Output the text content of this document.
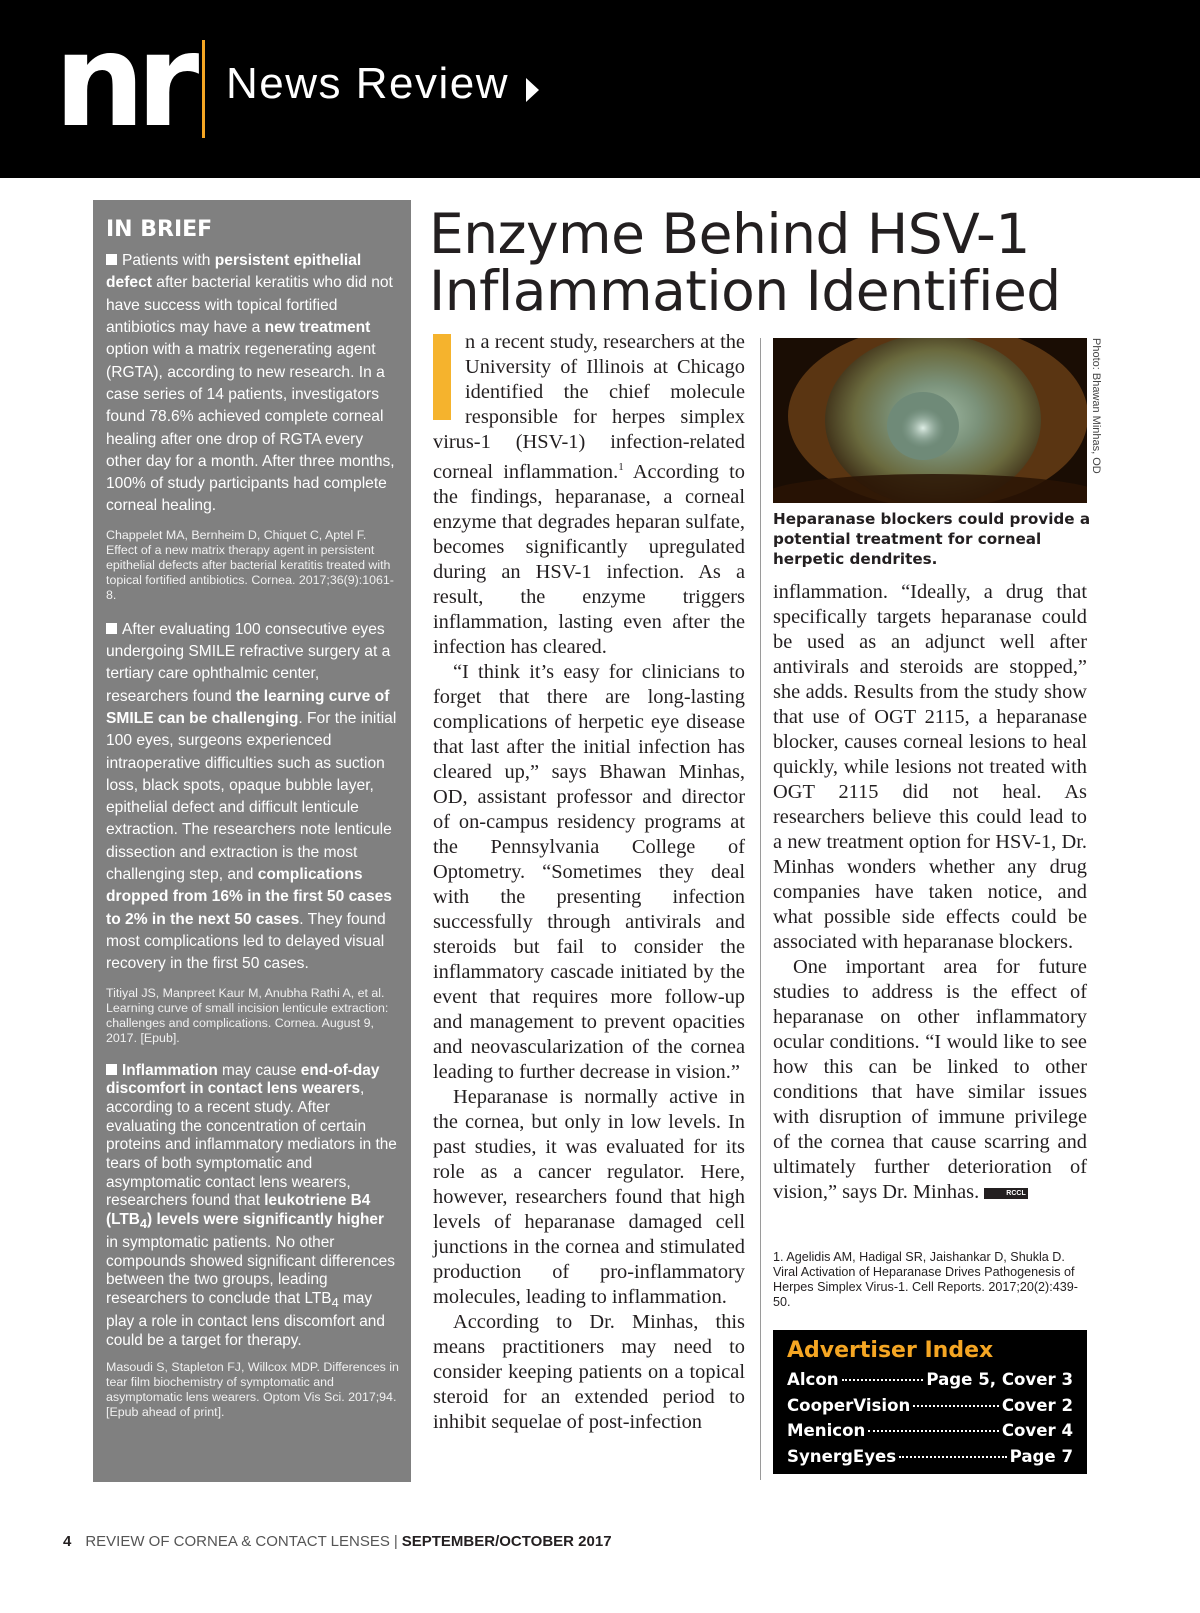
nr News Review
IN BRIEF

Patients with persistent epithelial defect after bacterial keratitis who did not have success with topical fortified antibiotics may have a new treatment option with a matrix regenerating agent (RGTA), according to new research. In a case series of 14 patients, investigators found 78.6% achieved complete corneal healing after one drop of RGTA every other day for a month. After three months, 100% of study participants had complete corneal healing.

Chappelet MA, Bernheim D, Chiquet C, Aptel F. Effect of a new matrix therapy agent in persistent epithelial defects after bacterial keratitis treated with topical fortified antibiotics. Cornea. 2017;36(9):1061-8.

After evaluating 100 consecutive eyes undergoing SMILE refractive surgery at a tertiary care ophthalmic center, researchers found the learning curve of SMILE can be challenging. For the initial 100 eyes, surgeons experienced intraoperative difficulties such as suction loss, black spots, opaque bubble layer, epithelial defect and difficult lenticule extraction. The researchers note lenticule dissection and extraction is the most challenging step, and complications dropped from 16% in the first 50 cases to 2% in the next 50 cases. They found most complications led to delayed visual recovery in the first 50 cases.

Titiyal JS, Manpreet Kaur M, Anubha Rathi A, et al. Learning curve of small incision lenticule extraction: challenges and complications. Cornea. August 9, 2017. [Epub].

Inflammation may cause end-of-day discomfort in contact lens wearers, according to a recent study. After evaluating the concentration of certain proteins and inflammatory mediators in the tears of both symptomatic and asymptomatic contact lens wearers, researchers found that leukotriene B4 $(LTB_4)$ levels were significantly higher in symptomatic patients. No other compounds showed significant differences between the two groups, leading researchers to conclude that $LTB_4$ may play a role in contact lens discomfort and could be a target for therapy.

Masoudi S, Stapleton FJ, Willcox MDP. Differences in tear film biochemistry of symptomatic and asymptomatic lens wearers. Optom Vis Sci. 2017;94. [Epub ahead of print].

Enzyme Behind HSV-1 Inflammation Identified

n a recent study, researchers at the University of Illinois at Chicago identified the chief molecule responsible for herpes simplex virus-1 (HSV-1) infection-related corneal inflammation.$^1$ According to the findings, heparanase, a corneal enzyme that degrades heparan sulfate, becomes significantly upregulated during an HSV-1 infection. As a result, the enzyme triggers inflammation, lasting even after the infection has cleared.

“I think it’s easy for clinicians to forget that there are long-lasting complications of herpetic eye disease that last after the initial infection has cleared up,” says Bhawan Minhas, OD, assistant professor and director of on-campus residency programs at the Pennsylvania College of Optometry. “Sometimes they deal with the presenting infection successfully through antivirals and steroids but fail to consider the inflammatory cascade initiated by the event that requires more follow-up and management to prevent opacities and neovascularization of the cornea leading to further decrease in vision.”

Heparanase is normally active in the cornea, but only in low levels. In past studies, it was evaluated for its role as a cancer regulator. Here, however, researchers found that high levels of heparanase damaged cell junctions in the cornea and stimulated production of pro-inflammatory molecules, leading to inflammation.

According to Dr. Minhas, this means practitioners may need to consider keeping patients on a topical steroid for an extended period to inhibit sequelae of post-infection

Photo: Bhawan Minhas, OD
Heparanase blockers could provide a potential treatment for corneal herpetic dendrites.

inflammation. “Ideally, a drug that specifically targets heparanase could be used as an adjunct well after antivirals and steroids are stopped,” she adds. Results from the study show that use of OGT 2115, a heparanase blocker, causes corneal lesions to heal quickly, while lesions not treated with OGT 2115 did not heal. As researchers believe this could lead to a new treatment option for HSV-1, Dr. Minhas wonders whether any drug companies have taken notice, and what possible side effects could be associated with heparanase blockers.

One important area for future studies to address is the effect of heparanase on other inflammatory ocular conditions. “I would like to see how this can be linked to other conditions that have similar issues with disruption of immune privilege of the cornea that cause scarring and ultimately further deterioration of vision,” says Dr. Minhas.	RCCL

1. Agelidis AM, Hadigal SR, Jaishankar D, Shukla D. Viral Activation of Heparanase Drives Pathogenesis of Herpes Simplex Virus-1. Cell Reports. 2017;20(2):439-50.
Advertiser Index
Alcon	Page 5, Cover 3
CooperVision	Cover 2
Menicon	Cover 4
SynergEyes	Page 7
4 REVIEW OF CORNEA & CONTACT LENSES | SEPTEMBER/OCTOBER 2017
